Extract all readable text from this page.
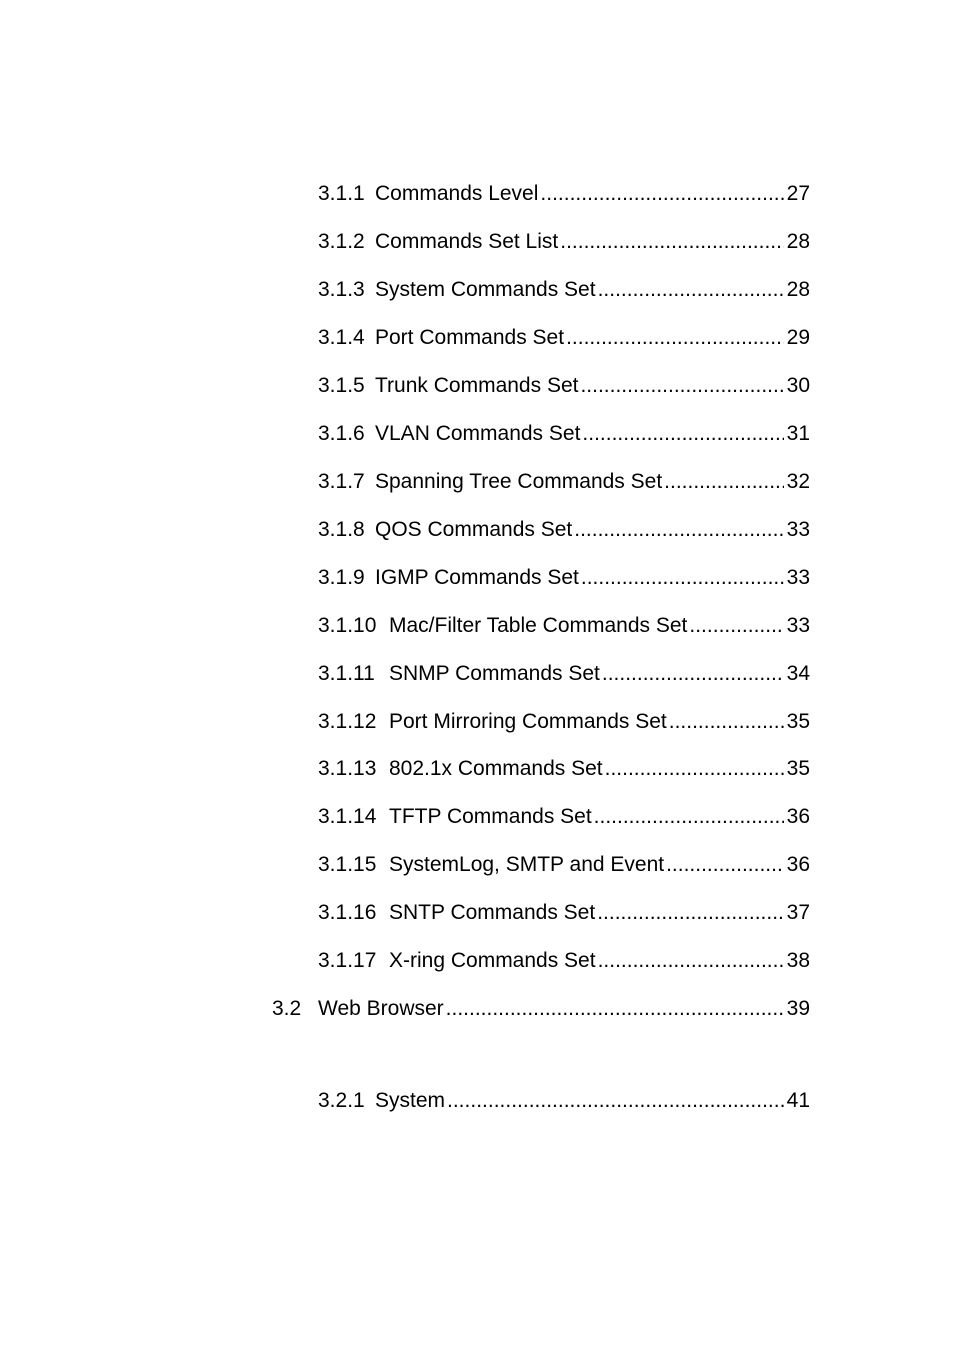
3.1.1 Commands Level .....	27
3.1.2 Commands Set List .....	28
3.1.3 System Commands Set .....	28
3.1.4 Port Commands Set .....	29
3.1.5 Trunk Commands Set .....	30
3.1.6 VLAN Commands Set .....	31
3.1.7 Spanning Tree Commands Set .....	32
3.1.8 QOS Commands Set .....	33
3.1.9 IGMP Commands Set .....	33
3.1.10 Mac/Filter Table Commands Set .....	33
3.1.11 SNMP Commands Set .....	34
3.1.12 Port Mirroring Commands Set .....	35
3.1.13 802.1x Commands Set .....	35
3.1.14 TFTP Commands Set .....	36
3.1.15 SystemLog, SMTP and Event .....	36
3.1.16 SNTP Commands Set .....	37
3.1.17 X-ring Commands Set .....	38
3.2 Web Browser .....	39
3.2.1 System .....	41
